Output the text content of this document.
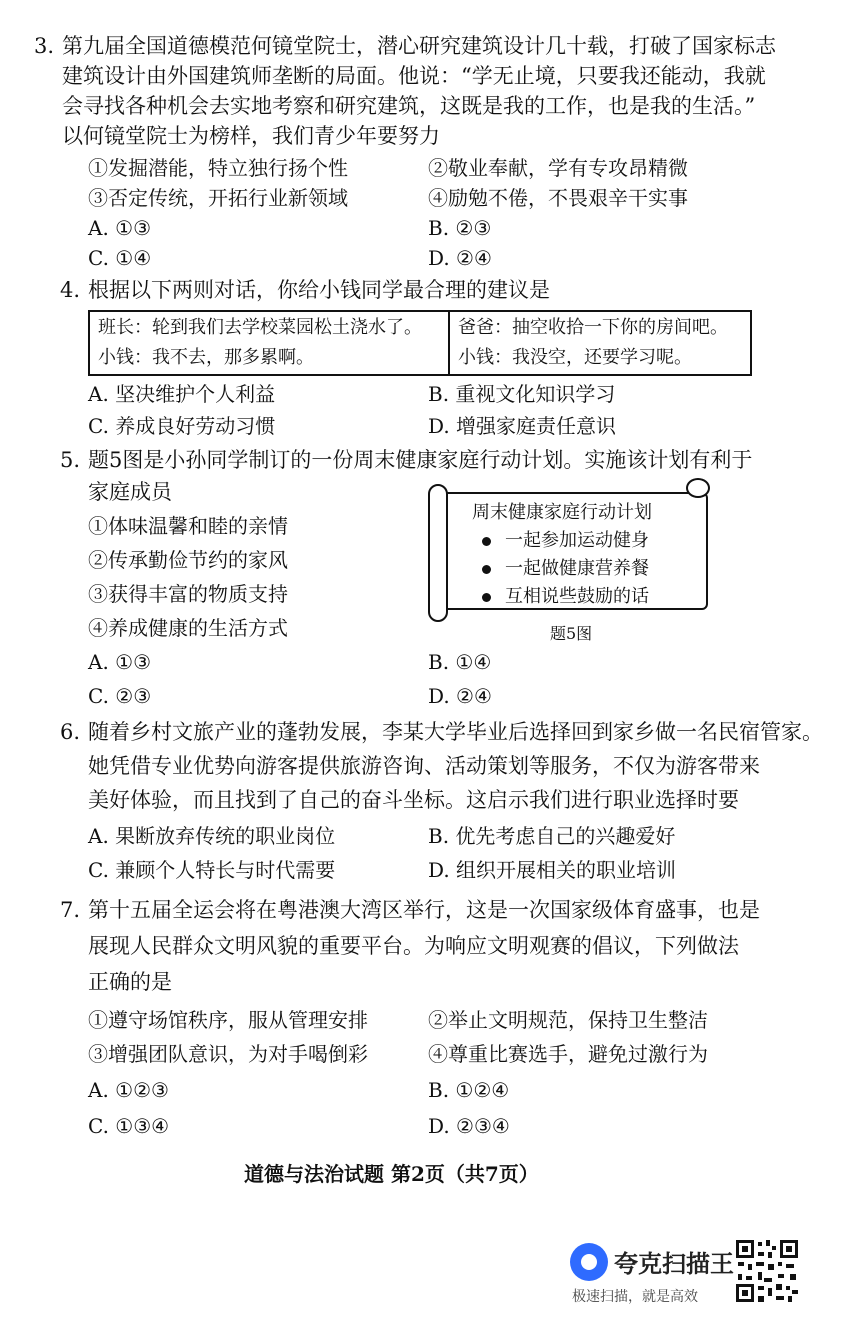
3. 第九届全国道德模范何镜堂院士，潜心研究建筑设计几十载，打破了国家标志
建筑设计由外国建筑师垄断的局面。他说：“学无止境，只要我还能动，我就
会寻找各种机会去实地考察和研究建筑，这既是我的工作，也是我的生活。”
以何镜堂院士为榜样，我们青少年要努力
①发掘潜能，特立独行扬个性	②敬业奉献，学有专攻昂精微
③否定传统，开拓行业新领域	④励勉不倦，不畏艰辛干实事
A. ①③	B. ②③
C. ①④	D. ②④
4. 根据以下两则对话，你给小钱同学最合理的建议是
班长：轮到我们去学校菜园松土浇水了。
小钱：我不去，那多累啊。
爸爸：抽空收拾一下你的房间吧。
小钱：我没空，还要学习呢。
A. 坚决维护个人利益	B. 重视文化知识学习
C. 养成良好劳动习惯	D. 增强家庭责任意识
5. 题5图是小孙同学制订的一份周末健康家庭行动计划。实施该计划有利于
家庭成员
①体味温馨和睦的亲情
②传承勤俭节约的家风
③获得丰富的物质支持
④养成健康的生活方式
周末健康家庭行动计划
一起参加运动健身
一起做健康营养餐
互相说些鼓励的话
题5图
A. ①③	B. ①④
C. ②③	D. ②④
6. 随着乡村文旅产业的蓬勃发展，李某大学毕业后选择回到家乡做一名民宿管家。
她凭借专业优势向游客提供旅游咨询、活动策划等服务，不仅为游客带来
美好体验，而且找到了自己的奋斗坐标。这启示我们进行职业选择时要
A. 果断放弃传统的职业岗位	B. 优先考虑自己的兴趣爱好
C. 兼顾个人特长与时代需要	D. 组织开展相关的职业培训
7. 第十五届全运会将在粤港澳大湾区举行，这是一次国家级体育盛事，也是
展现人民群众文明风貌的重要平台。为响应文明观赛的倡议，下列做法
正确的是
①遵守场馆秩序，服从管理安排	②举止文明规范，保持卫生整洁
③增强团队意识，为对手喝倒彩	④尊重比赛选手，避免过激行为
A. ①②③	B. ①②④
C. ①③④	D. ②③④
道德与法治试题 第2页（共7页）
夸克扫描王
极速扫描，就是高效
